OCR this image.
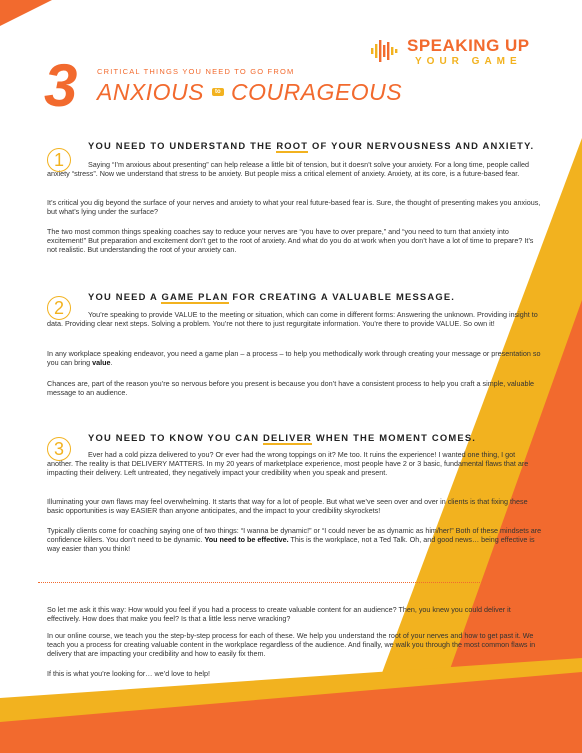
SPEAKING UP
YOUR GAME
3	CRITICAL THINGS YOU NEED TO GO FROM
ANXIOUS	to COURAGEOUS
1
YOU NEED TO UNDERSTAND THE ROOT OF YOUR NERVOUSNESS AND ANXIETY.

Saying “I’m anxious about presenting” can help release a little bit of tension, but it doesn’t solve your anxiety. For a long time, people called anxiety “stress”. Now we understand that stress to be anxiety. But people miss a critical element of anxiety. Anxiety, at its core, is a future-based fear.

It’s critical you dig beyond the surface of your nerves and anxiety to what your real future-based fear is. Sure, the thought of presenting makes you anxious, but what’s lying under the surface?

The two most common things speaking coaches say to reduce your nerves are “you have to over prepare,” and “you need to turn that anxiety into excitement!” But preparation and excitement don’t get to the root of anxiety. And what do you do at work when you don’t have a lot of time to prepare? It’s not realistic. But understanding the root of your anxiety can.

2
YOU NEED A GAME PLAN FOR CREATING A VALUABLE MESSAGE.

You’re speaking to provide VALUE to the meeting or situation, which can come in different forms: Answering the unknown. Providing insight to data. Providing clear next steps. Solving a problem. You’re not there to just regurgitate information. You’re there to provide VALUE. So own it!

In any workplace speaking endeavor, you need a game plan – a process – to help you methodically work through creating your message or presentation so you can bring value.

Chances are, part of the reason you’re so nervous before you present is because you don’t have a consistent process to help you craft a simple, valuable message to an audience.

3
YOU NEED TO KNOW YOU CAN DELIVER WHEN THE MOMENT COMES.

Ever had a cold pizza delivered to you? Or ever had the wrong toppings on it? Me too. It ruins the experience! I wanted one thing, I got another. The reality is that DELIVERY MATTERS. In my 20 years of marketplace experience, most people have 2 or 3 basic, fundamental flaws that are impacting their delivery. Left untreated, they negatively impact your credibility when you speak and present.

Illuminating your own flaws may feel overwhelming. It starts that way for a lot of people. But what we’ve seen over and over in clients is that fixing these basic opportunities is way EASIER than anyone anticipates, and the impact to your credibility skyrockets!

Typically clients come for coaching saying one of two things: “I wanna be dynamic!” or “I could never be as dynamic as him/her!” Both of these mindsets are confidence killers. You don’t need to be dynamic. You need to be effective. This is the workplace, not a Ted Talk. Oh, and good news… being effective is way easier than you think!

So let me ask it this way: How would you feel if you had a process to create valuable content for an audience? Then, you knew you could deliver it effectively. How does that make you feel? Is that a little less nerve wracking?

In our online course, we teach you the step-by-step process for each of these. We help you understand the root of your nerves and how to get past it. We teach you a process for creating valuable content in the workplace regardless of the audience. And finally, we walk you through the most common flaws in delivery that are impacting your credibility and how to easily fix them.

If this is what you’re looking for… we’d love to help!
